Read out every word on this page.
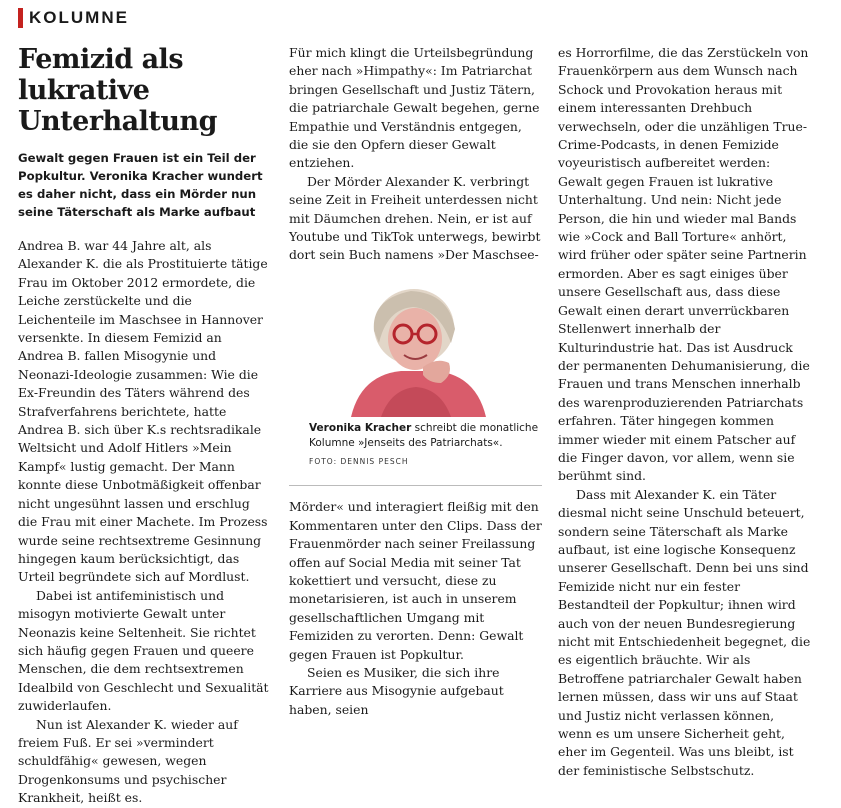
KOLUMNE
Femizid als lukrative Unterhaltung

Gewalt gegen Frauen ist ein Teil der Popkultur. Veronika Kracher wundert es daher nicht, dass ein Mörder nun seine Täterschaft als Marke aufbaut

Andrea B. war 44 Jahre alt, als Alexander K. die als Prostituierte tätige Frau im Oktober 2012 ermordete, die Leiche zerstückelte und die Leichenteile im Maschsee in Hannover versenkte. In diesem Femizid an Andrea B. fallen Misogynie und Neonazi-Ideologie zusammen: Wie die Ex-Freundin des Täters während des Strafverfahrens berichtete, hatte Andrea B. sich über K.s rechtsradikale Weltsicht und Adolf Hitlers »Mein Kampf« lustig gemacht. Der Mann konnte diese Unbotmäßigkeit offenbar nicht ungesühnt lassen und erschlug die Frau mit einer Machete. Im Prozess wurde seine rechtsextreme Gesinnung hingegen kaum berücksichtigt, das Urteil begründete sich auf Mordlust.

Dabei ist antifeministisch und misogyn motivierte Gewalt unter Neonazis keine Seltenheit. Sie richtet sich häufig gegen Frauen und queere Menschen, die dem rechtsextremen Idealbild von Geschlecht und Sexualität zuwiderlaufen.

Nun ist Alexander K. wieder auf freiem Fuß. Er sei »vermindert schuldfähig« gewesen, wegen Drogenkonsums und psychischer Krankheit, heißt es.

Für mich klingt die Urteilsbegründung eher nach »Himpathy«: Im Patriarchat bringen Gesellschaft und Justiz Tätern, die patriarchale Gewalt begehen, gerne Empathie und Verständnis entgegen, die sie den Opfern dieser Gewalt entziehen.

Der Mörder Alexander K. verbringt seine Zeit in Freiheit unterdessen nicht mit Däumchen drehen. Nein, er ist auf Youtube und TikTok unterwegs, bewirbt dort sein Buch namens »Der Maschsee-

Veronika Kracher schreibt die monatliche Kolumne »Jenseits des Patriarchats«.
FOTO: DENNIS PESCH

Mörder« und interagiert fleißig mit den Kommentaren unter den Clips. Dass der Frauenmörder nach seiner Freilassung offen auf Social Media mit seiner Tat kokettiert und versucht, diese zu monetarisieren, ist auch in unserem gesellschaftlichen Umgang mit Femiziden zu verorten. Denn: Gewalt gegen Frauen ist Popkultur.

Seien es Musiker, die sich ihre Karriere aus Misogynie aufgebaut haben, seien

es Horrorfilme, die das Zerstückeln von Frauenkörpern aus dem Wunsch nach Schock und Provokation heraus mit einem interessanten Drehbuch verwechseln, oder die unzähligen True-Crime-Podcasts, in denen Femizide voyeuristisch aufbereitet werden: Gewalt gegen Frauen ist lukrative Unterhaltung. Und nein: Nicht jede Person, die hin und wieder mal Bands wie »Cock and Ball Torture« anhört, wird früher oder später seine Partnerin ermorden. Aber es sagt einiges über unsere Gesellschaft aus, dass diese Gewalt einen derart unverrückbaren Stellenwert innerhalb der Kulturindustrie hat. Das ist Ausdruck der permanenten Dehumanisierung, die Frauen und trans Menschen innerhalb des warenproduzierenden Patriarchats erfahren. Täter hingegen kommen immer wieder mit einem Patscher auf die Finger davon, vor allem, wenn sie berühmt sind.

Dass mit Alexander K. ein Täter diesmal nicht seine Unschuld beteuert, sondern seine Täterschaft als Marke aufbaut, ist eine logische Konsequenz unserer Gesellschaft. Denn bei uns sind Femizide nicht nur ein fester Bestandteil der Popkultur; ihnen wird auch von der neuen Bundesregierung nicht mit Entschiedenheit begegnet, die es eigentlich bräuchte. Wir als Betroffene patriarchaler Gewalt haben lernen müssen, dass wir uns auf Staat und Justiz nicht verlassen können, wenn es um unsere Sicherheit geht, eher im Gegenteil. Was uns bleibt, ist der feministische Selbstschutz.
